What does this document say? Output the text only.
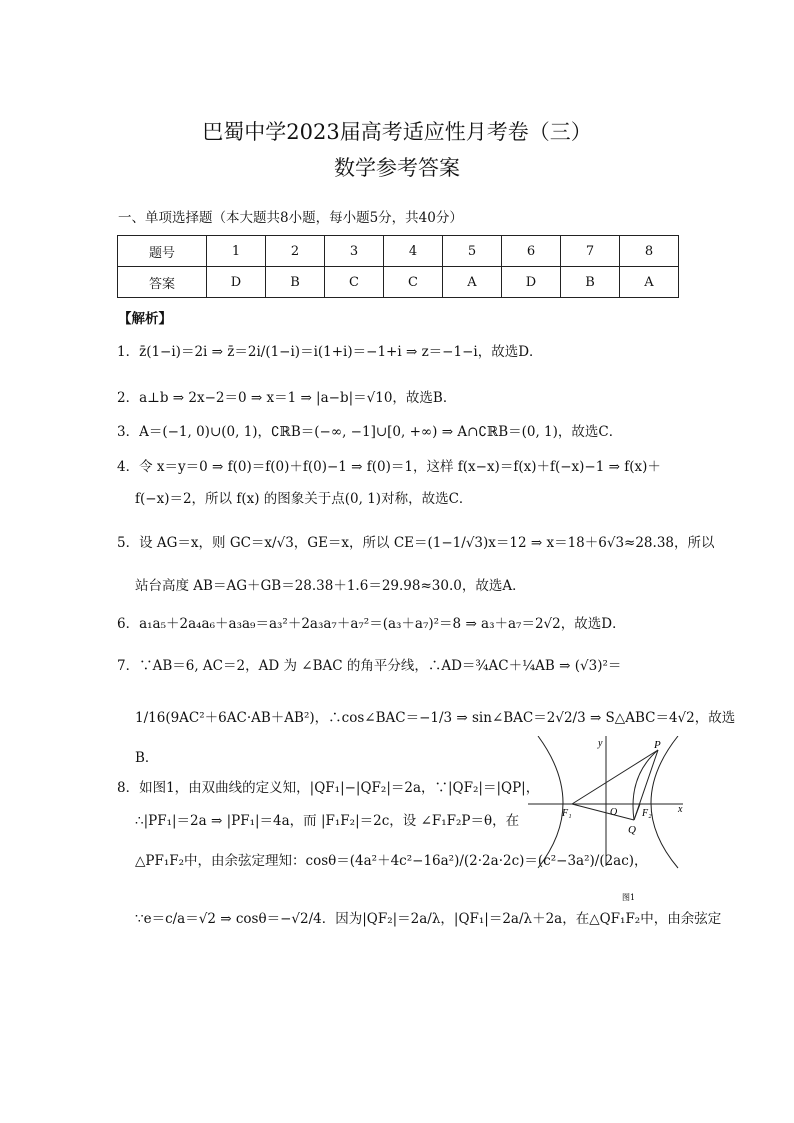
巴蜀中学2023届高考适应性月考卷（三）
数学参考答案
一、单项选择题（本大题共8小题，每小题5分，共40分）
题号	1	2	3	4	5	6	7	8
答案	D	B	C	C	A	D	B	A
【解析】
1．z̄(1−i)＝2i ⇒ z̄＝2i/(1−i)＝i(1+i)＝−1+i ⇒ z＝−1−i，故选D．
2．a⊥b ⇒ 2x−2＝0 ⇒ x＝1 ⇒ |a−b|＝√10，故选B．
3．A＝(−1, 0)∪(0, 1)，∁ℝB＝(−∞, −1]∪[0, +∞) ⇒ A∩∁ℝB＝(0, 1)，故选C．
4．令 x＝y＝0 ⇒ f(0)＝f(0)＋f(0)−1 ⇒ f(0)＝1，这样 f(x−x)＝f(x)＋f(−x)−1 ⇒ f(x)＋
f(−x)＝2，所以 f(x) 的图象关于点(0, 1)对称，故选C．
5．设 AG＝x，则 GC＝x/√3，GE＝x，所以 CE＝(1−1/√3)x＝12 ⇒ x＝18＋6√3≈28.38，所以
站台高度 AB＝AG＋GB＝28.38＋1.6＝29.98≈30.0，故选A．
6．a₁a₅＋2a₄a₆＋a₃a₉＝a₃²＋2a₃a₇＋a₇²＝(a₃＋a₇)²＝8 ⇒ a₃＋a₇＝2√2，故选D．
7．∵AB＝6, AC＝2，AD 为 ∠BAC 的角平分线，∴AD＝¾AC＋¼AB ⇒ (√3)²＝
1/16(9AC²＋6AC·AB＋AB²)，∴cos∠BAC＝−1/3 ⇒ sin∠BAC＝2√2/3 ⇒ S△ABC＝4√2，故选
B．
8．如图1，由双曲线的定义知，|QF₁|−|QF₂|＝2a，∵|QF₂|＝|QP|，
∴|PF₁|＝2a ⇒ |PF₁|＝4a，而 |F₁F₂|＝2c，设 ∠F₁F₂P＝θ，在
△PF₁F₂中，由余弦定理知：cosθ＝(4a²＋4c²−16a²)/(2·2a·2c)＝(c²−3a²)/(2ac)，
∵e＝c/a＝√2 ⇒ cosθ＝−√2/4．因为|QF₂|＝2a/λ，|QF₁|＝2a/λ＋2a，在△QF₁F₂中，由余弦定
y
x
P
O
F₁	F₂
Q
图1
